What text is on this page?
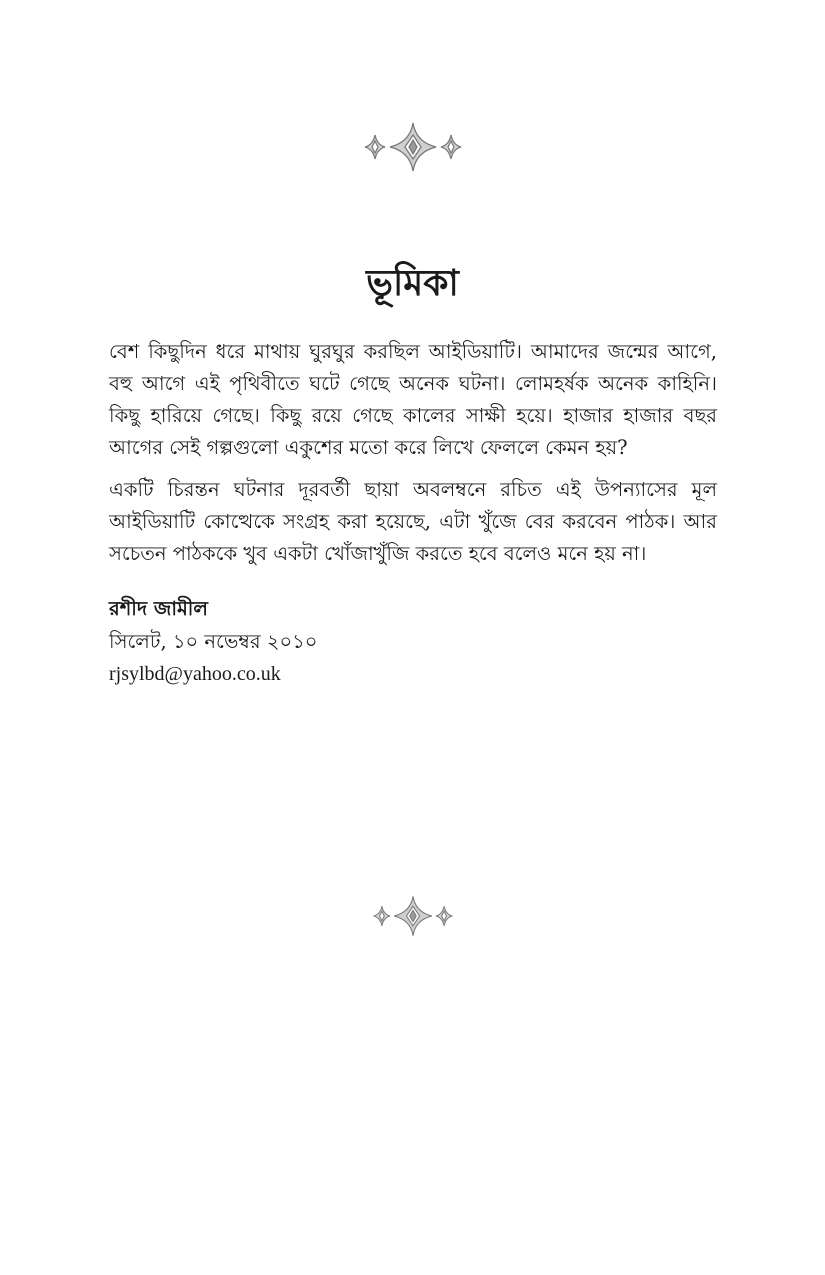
ভূমিকা

বেশ কিছুদিন ধরে মাথায় ঘুরঘুর করছিল আইডিয়াটি। আমাদের জন্মের আগে, বহু আগে এই পৃথিবীতে ঘটে গেছে অনেক ঘটনা। লোমহর্ষক অনেক কাহিনি। কিছু হারিয়ে গেছে। কিছু রয়ে গেছে কালের সাক্ষী হয়ে। হাজার হাজার বছর আগের সেই গল্পগুলো একুশের মতো করে লিখে ফেললে কেমন হয়?

একটি চিরন্তন ঘটনার দূরবর্তী ছায়া অবলম্বনে রচিত এই উপন্যাসের মূল আইডিয়াটি কোত্থেকে সংগ্রহ করা হয়েছে, এটা খুঁজে বের করবেন পাঠক। আর সচেতন পাঠককে খুব একটা খোঁজাখুঁজি করতে হবে বলেও মনে হয় না।

রশীদ জামীল
সিলেট, ১০ নভেম্বর ২০১০
rjsylbd@yahoo.co.uk
